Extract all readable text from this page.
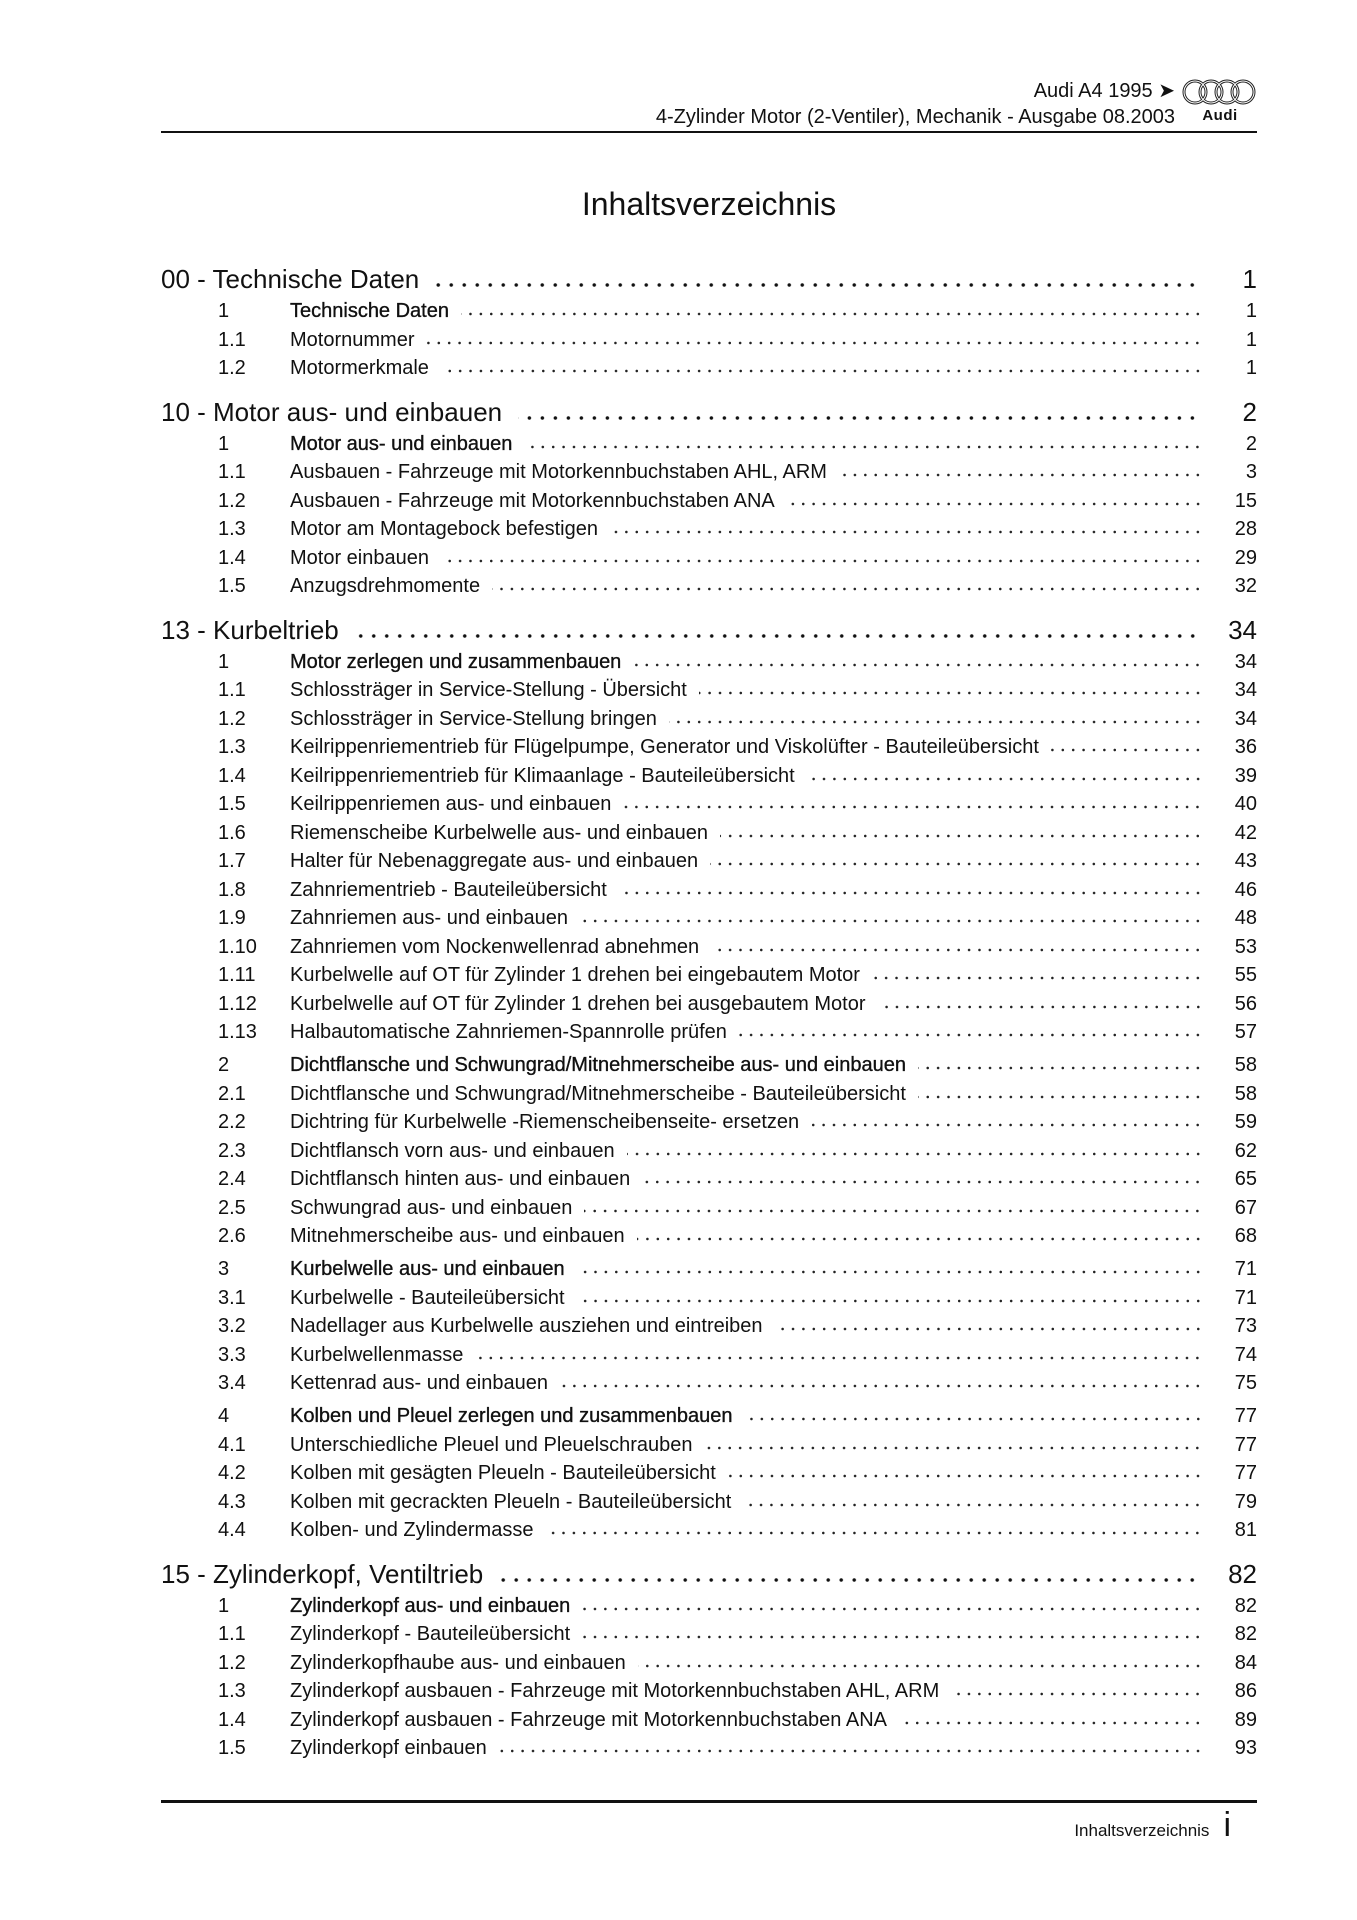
Audi A4 1995 ➤
4-Zylinder Motor (2-Ventiler), Mechanik - Ausgabe 08.2003	Audi
Inhaltsverzeichnis
00 - Technische Daten	1
1	Technische Daten	1
1.1	Motornummer	1
1.2	Motormerkmale	1
10 - Motor aus- und einbauen	2
1	Motor aus- und einbauen	2
1.1	Ausbauen - Fahrzeuge mit Motorkennbuchstaben AHL, ARM	3
1.2	Ausbauen - Fahrzeuge mit Motorkennbuchstaben ANA	15
1.3	Motor am Montagebock befestigen	28
1.4	Motor einbauen	29
1.5	Anzugsdrehmomente	32
13 - Kurbeltrieb	34
1	Motor zerlegen und zusammenbauen	34
1.1	Schlossträger in Service-Stellung - Übersicht	34
1.2	Schlossträger in Service-Stellung bringen	34
1.3	Keilrippenriementrieb für Flügelpumpe, Generator und Viskolüfter - Bauteileübersicht	36
1.4	Keilrippenriementrieb für Klimaanlage - Bauteileübersicht	39
1.5	Keilrippenriemen aus- und einbauen	40
1.6	Riemenscheibe Kurbelwelle aus- und einbauen	42
1.7	Halter für Nebenaggregate aus- und einbauen	43
1.8	Zahnriementrieb - Bauteileübersicht	46
1.9	Zahnriemen aus- und einbauen	48
1.10	Zahnriemen vom Nockenwellenrad abnehmen	53
1.11	Kurbelwelle auf OT für Zylinder 1 drehen bei eingebautem Motor	55
1.12	Kurbelwelle auf OT für Zylinder 1 drehen bei ausgebautem Motor	56
1.13	Halbautomatische Zahnriemen-Spannrolle prüfen	57
2	Dichtflansche und Schwungrad/Mitnehmerscheibe aus- und einbauen	58
2.1	Dichtflansche und Schwungrad/Mitnehmerscheibe - Bauteileübersicht	58
2.2	Dichtring für Kurbelwelle -Riemenscheibenseite- ersetzen	59
2.3	Dichtflansch vorn aus- und einbauen	62
2.4	Dichtflansch hinten aus- und einbauen	65
2.5	Schwungrad aus- und einbauen	67
2.6	Mitnehmerscheibe aus- und einbauen	68
3	Kurbelwelle aus- und einbauen	71
3.1	Kurbelwelle - Bauteileübersicht	71
3.2	Nadellager aus Kurbelwelle ausziehen und eintreiben	73
3.3	Kurbelwellenmasse	74
3.4	Kettenrad aus- und einbauen	75
4	Kolben und Pleuel zerlegen und zusammenbauen	77
4.1	Unterschiedliche Pleuel und Pleuelschrauben	77
4.2	Kolben mit gesägten Pleueln - Bauteileübersicht	77
4.3	Kolben mit gecrackten Pleueln - Bauteileübersicht	79
4.4	Kolben- und Zylindermasse	81
15 - Zylinderkopf, Ventiltrieb	82
1	Zylinderkopf aus- und einbauen	82
1.1	Zylinderkopf - Bauteileübersicht	82
1.2	Zylinderkopfhaube aus- und einbauen	84
1.3	Zylinderkopf ausbauen - Fahrzeuge mit Motorkennbuchstaben AHL, ARM	86
1.4	Zylinderkopf ausbauen - Fahrzeuge mit Motorkennbuchstaben ANA	89
1.5	Zylinderkopf einbauen	93
Inhaltsverzeichnis i
